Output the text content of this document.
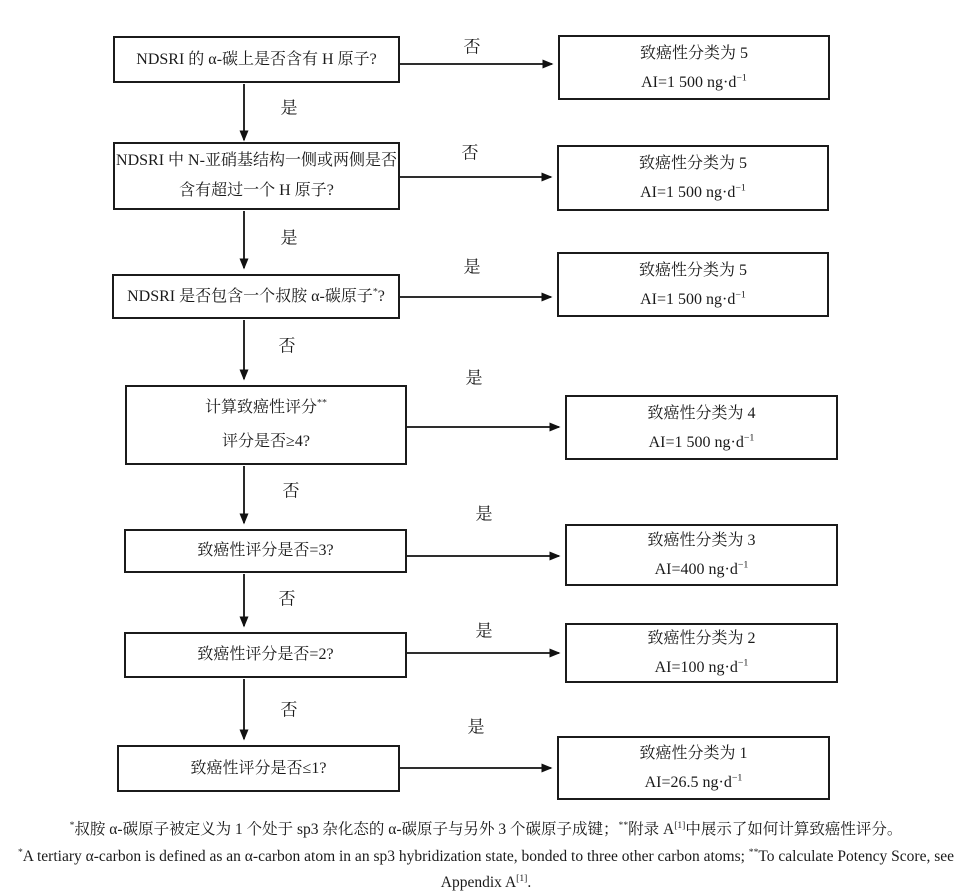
NDSRI 的 α-碳上是否含有 H 原子?
NDSRI 中 N-亚硝基结构一侧或两侧是否
含有超过一个 H 原子?
NDSRI 是否包含一个叔胺 α-碳原子*?
计算致癌性评分**
评分是否≥4?
致癌性评分是否=3?
致癌性评分是否=2?
致癌性评分是否≤1?
致癌性分类为 5
AI=1 500 $ng\cdot d^{-1}$
致癌性分类为 5
AI=1 500 $ng\cdot d^{-1}$
致癌性分类为 5
AI=1 500 $ng\cdot d^{-1}$
致癌性分类为 4
AI=1 500 $ng\cdot d^{-1}$
致癌性分类为 3
AI=400 $ng\cdot d^{-1}$
致癌性分类为 2
AI=100 $ng\cdot d^{-1}$
致癌性分类为 1
AI=26.5 $ng\cdot d^{-1}$
否
是
否
是
是
否
是
否
是
否
是
否
是
*叔胺 α-碳原子被定义为 1 个处于 sp3 杂化态的 α-碳原子与另外 3 个碳原子成键；**附录 A[1]中展示了如何计算致癌性评分。
*A tertiary α-carbon is defined as an α-carbon atom in an sp3 hybridization state, bonded to three other carbon atoms; **To calculate Potency Score, see
Appendix A[1].
